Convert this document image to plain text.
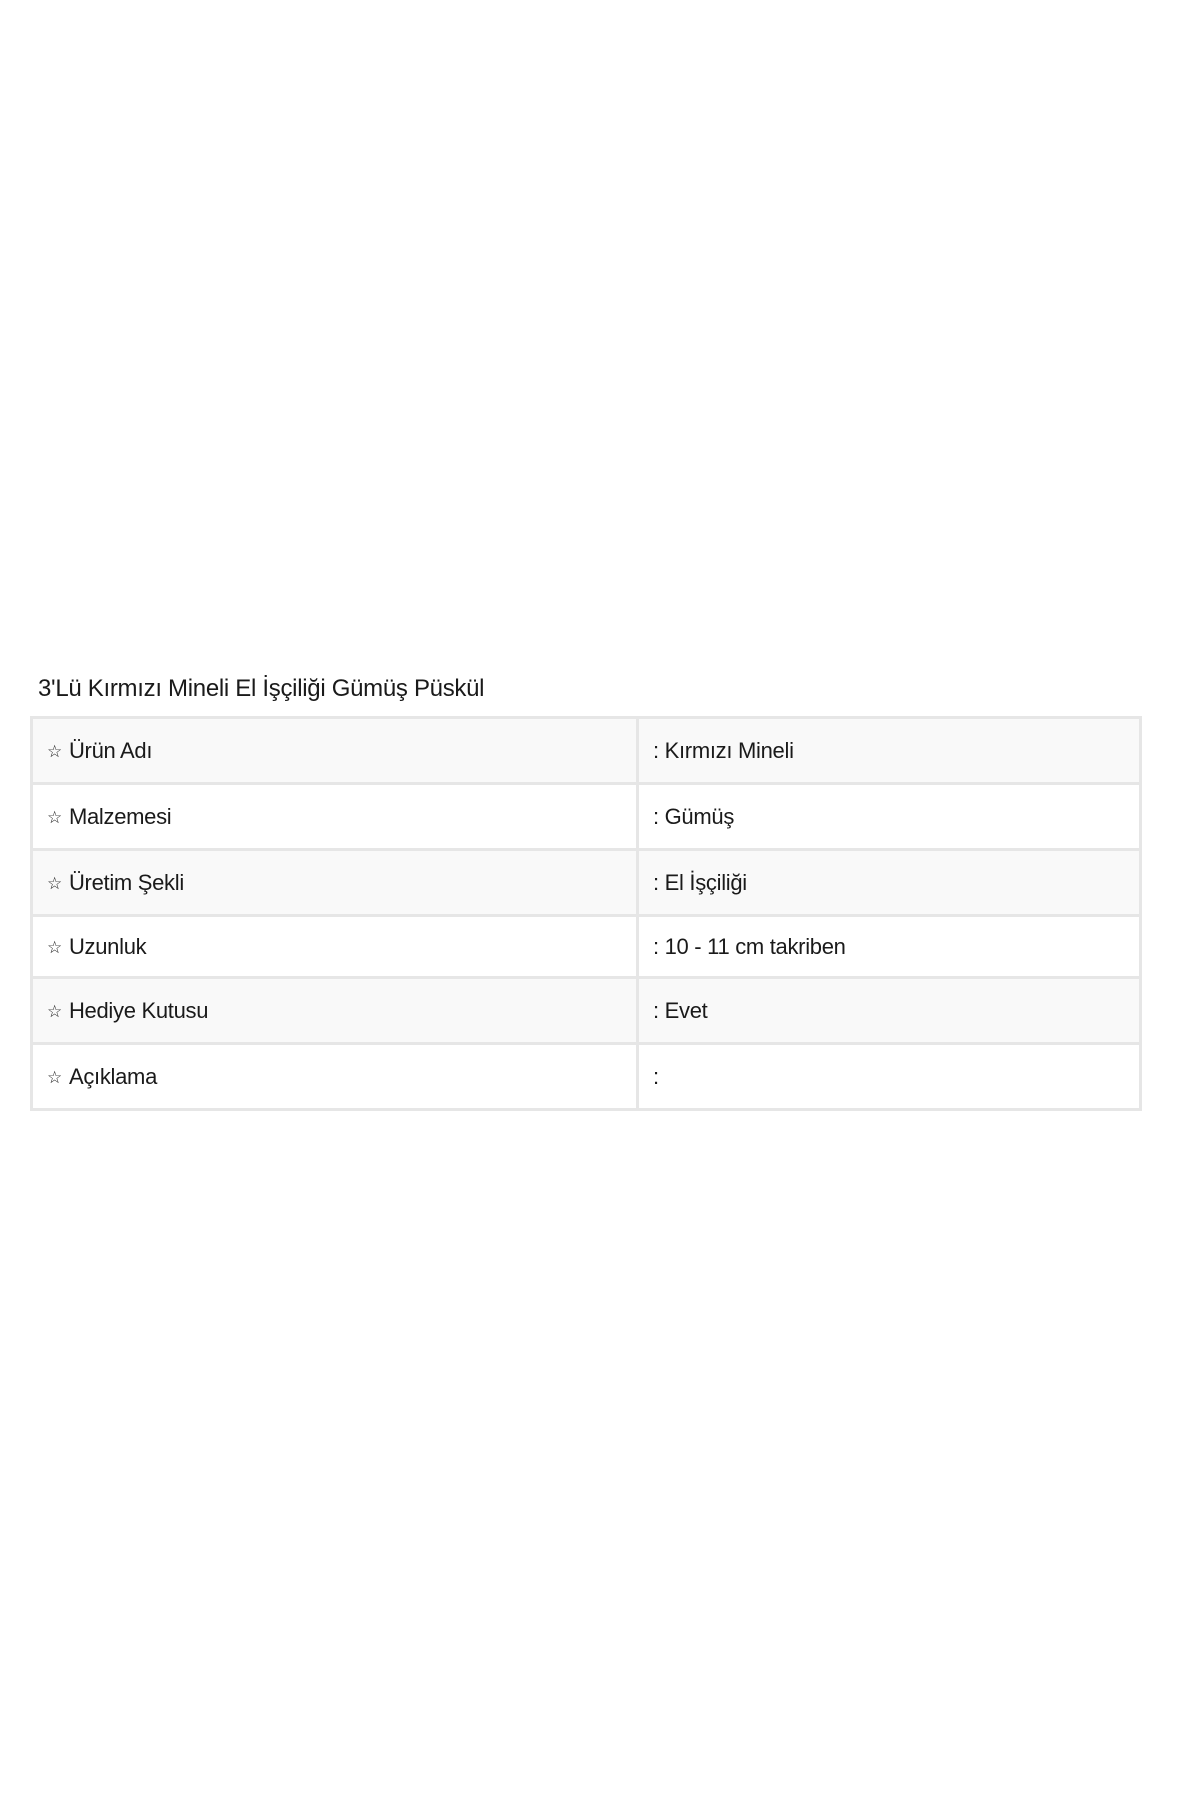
3'Lü Kırmızı Mineli El İşçiliği Gümüş Püskül
☆ Ürün Adı	: Kırmızı Mineli
☆ Malzemesi	: Gümüş
☆ Üretim Şekli	: El İşçiliği
☆ Uzunluk	: 10 - 11 cm takriben
☆ Hediye Kutusu	: Evet
☆ Açıklama	:
